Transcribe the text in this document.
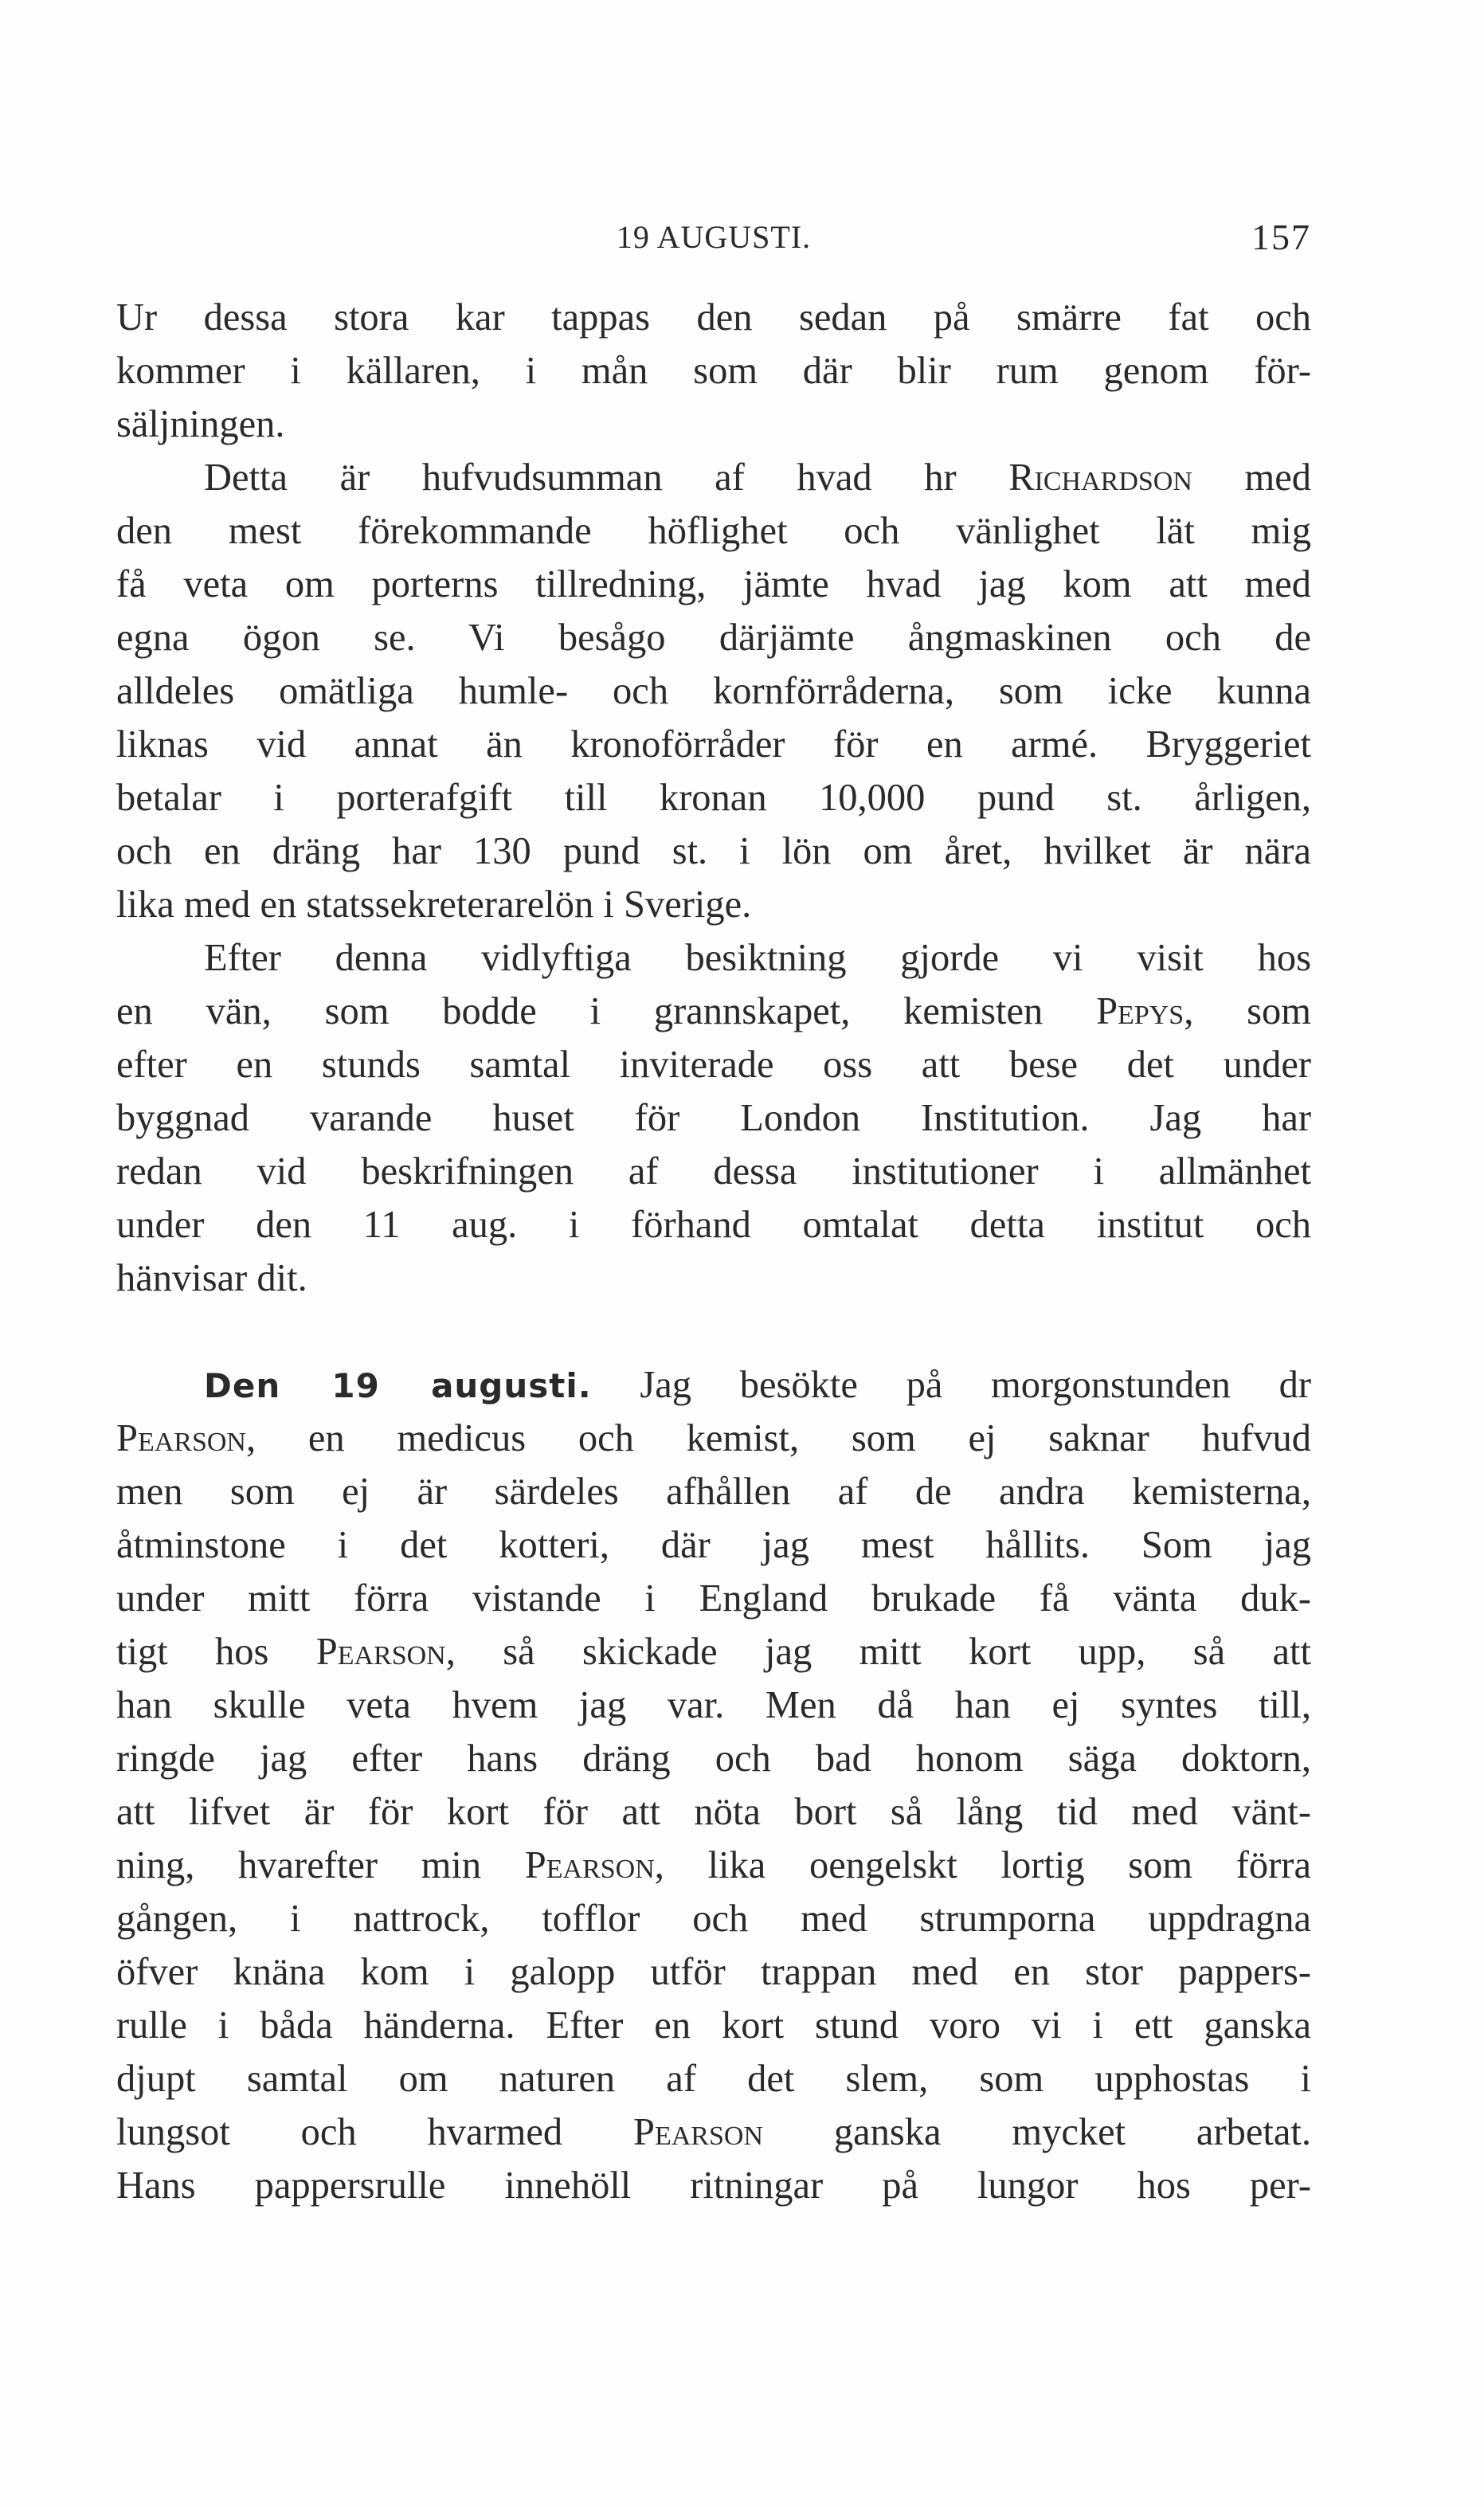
19 AUGUSTI.	157
Ur dessa stora kar tappas den sedan på smärre fat och
kommer i källaren, i mån som där blir rum genom för-
säljningen.
Detta är hufvudsumman af hvad hr Richardson med
den mest förekommande höflighet och vänlighet lät mig
få veta om porterns tillredning, jämte hvad jag kom att med
egna ögon se. Vi besågo därjämte ångmaskinen och de
alldeles omätliga humle- och kornförråderna, som icke kunna
liknas vid annat än kronoförråder för en armé. Bryggeriet
betalar i porterafgift till kronan 10,000 pund st. årligen,
och en dräng har 130 pund st. i lön om året, hvilket är nära
lika med en statssekreterarelön i Sverige.
Efter denna vidlyftiga besiktning gjorde vi visit hos
en vän, som bodde i grannskapet, kemisten Pepys, som
efter en stunds samtal inviterade oss att bese det under
byggnad varande huset för London Institution. Jag har
redan vid beskrifningen af dessa institutioner i allmänhet
under den 11 aug. i förhand omtalat detta institut och
hänvisar dit.
Den 19 augusti. Jag besökte på morgonstunden dr
Pearson, en medicus och kemist, som ej saknar hufvud
men som ej är särdeles afhållen af de andra kemisterna,
åtminstone i det kotteri, där jag mest hållits. Som jag
under mitt förra vistande i England brukade få vänta duk-
tigt hos Pearson, så skickade jag mitt kort upp, så att
han skulle veta hvem jag var. Men då han ej syntes till,
ringde jag efter hans dräng och bad honom säga doktorn,
att lifvet är för kort för att nöta bort så lång tid med vänt-
ning, hvarefter min Pearson, lika oengelskt lortig som förra
gången, i nattrock, tofflor och med strumporna uppdragna
öfver knäna kom i galopp utför trappan med en stor pappers-
rulle i båda händerna. Efter en kort stund voro vi i ett ganska
djupt samtal om naturen af det slem, som upphostas i
lungsot och hvarmed Pearson ganska mycket arbetat.
Hans pappersrulle innehöll ritningar på lungor hos per-
